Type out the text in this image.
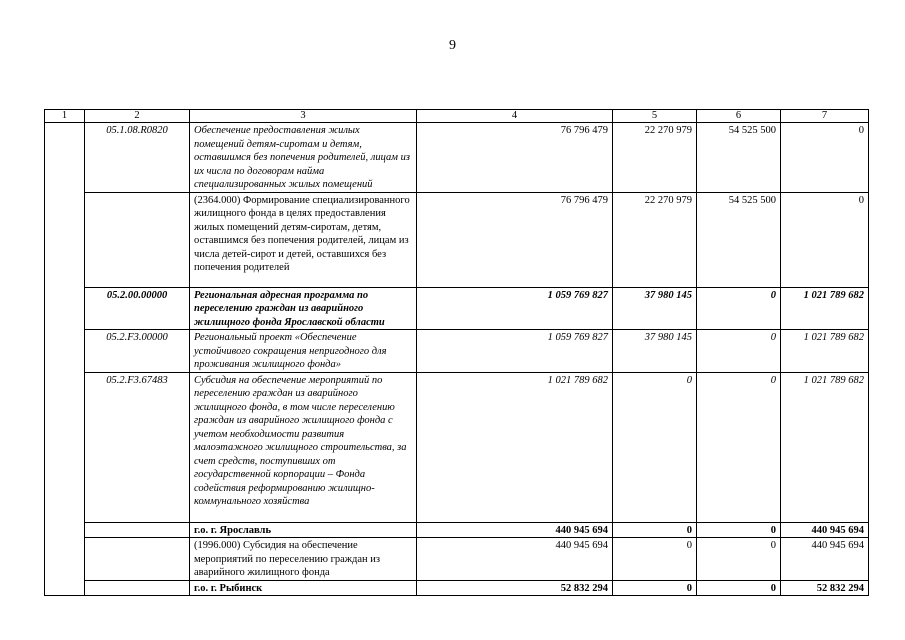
9
1	2	3	4	5	6	7
	05.1.08.R0820	Обеспечение предоставления жилых помещений детям-сиротам и детям, оставшимся без попечения родителей, лицам из их числа по договорам найма специализированных жилых помещений	76 796 479	22 270 979	54 525 500	0
		(2364.000) Формирование специализированного жилищного фонда в целях предоставления жилых помещений детям-сиротам, детям, оставшимся без попечения родителей, лицам из числа детей-сирот и детей, оставшихся без попечения родителей	76 796 479	22 270 979	54 525 500	0
	05.2.00.00000	Региональная адресная программа по переселению граждан из аварийного жилищного фонда Ярославской области	1 059 769 827	37 980 145	0	1 021 789 682
	05.2.F3.00000	Региональный проект «Обеспечение устойчивого сокращения непригодного для проживания жилищного фонда»	1 059 769 827	37 980 145	0	1 021 789 682
	05.2.F3.67483	Субсидия на обеспечение мероприятий по переселению граждан из аварийного жилищного фонда, в том числе переселению граждан из аварийного жилищного фонда с учетом необходимости развития малоэтажного жилищного строительства, за счет средств, поступивших от государственной корпорации – Фонда содействия реформированию жилищно-коммунального хозяйства	1 021 789 682	0	0	1 021 789 682
		г.о. г. Ярославль	440 945 694	0	0	440 945 694
		(1996.000) Субсидия на обеспечение мероприятий по переселению граждан из аварийного жилищного фонда	440 945 694	0	0	440 945 694
		г.о. г. Рыбинск	52 832 294	0	0	52 832 294
